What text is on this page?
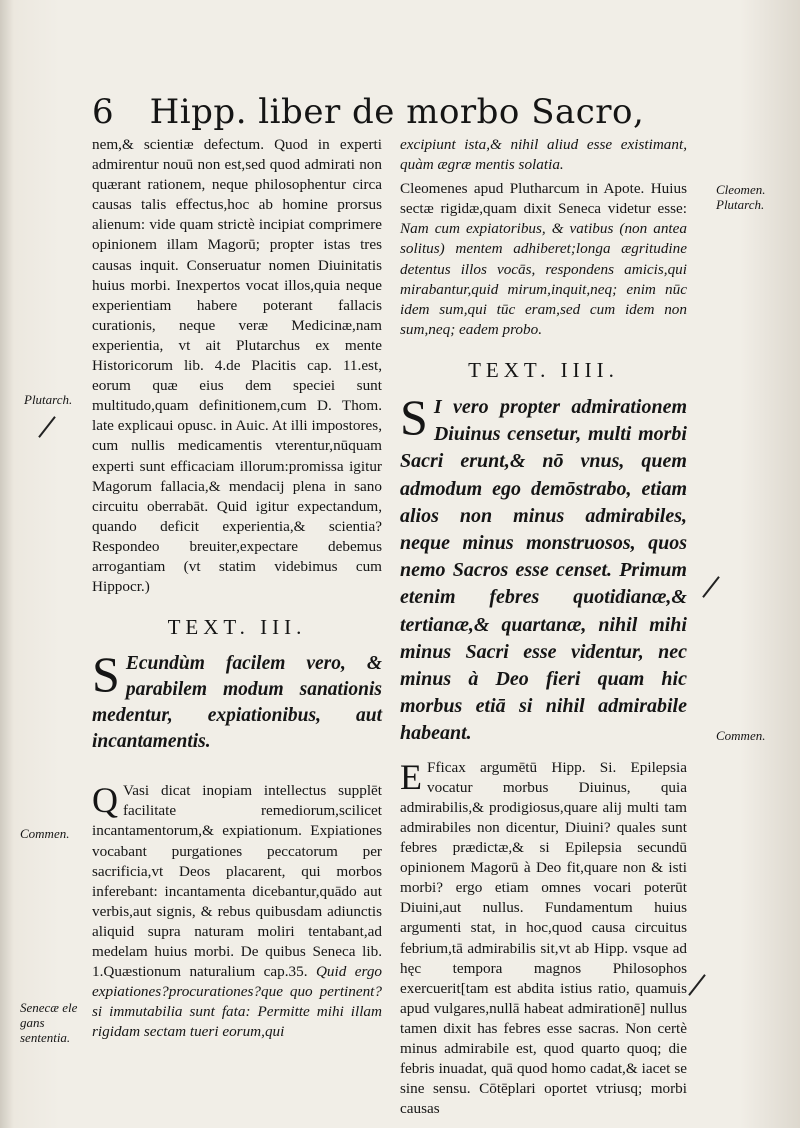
6 Hipp. liber de morbo Sacro,

nem,& scientiæ defectum. Quod in experti admirentur nouū non est,sed quod admirati non quærant rationem, neque philosophentur circa causas talis effectus,hoc ab homine prorsus alienum: vide quam strictè incipiat comprimere opinionem illam Magorū; propter istas tres causas inquit. Conseruatur nomen Diuinitatis huius morbi. Inexpertos vocat illos,quia neque experientiam habere poterant fallacis curationis, neque veræ Medicinæ,nam experientia, vt ait Plutarchus ex mente Historicorum lib. 4.de Placitis cap. 11.est, eorum quæ eius dem speciei sunt multitudo,quam definitionem,cum D. Thom. late explicaui opusc. in Auic. At illi impostores, cum nullis medicamentis vterentur,nūquam experti sunt efficaciam illorum:promissa igitur Magorum fallacia,& mendacij plena in sano circuitu oberrabāt. Quid igitur expectandum, quando deficit experientia,& scientia?Respondeo breuiter,expectare debemus arrogantiam (vt statim videbimus cum Hippocr.)

TEXT. III.

S Ecundùm facilem vero, & parabilem modum sanationis medentur, expiationibus, aut incantamentis.

Q Vasi dicat inopiam intellectus supplēt facilitate remediorum,scilicet incantamentorum,& expiationum. Expiationes vocabant purgationes peccatorum per sacrificia,vt Deos placarent, qui morbos inferebant: incantamenta dicebantur,quādo aut verbis,aut signis, & rebus quibusdam adiunctis aliquid supra naturam moliri tentabant,ad medelam huius morbi. De quibus Seneca lib. 1.Quæstionum naturalium cap.35. Quid ergo expiationes?procurationes?que quo pertinent? si immutabilia sunt fata: Permitte mihi illam rigidam sectam tueri eorum,qui

excipiunt ista,& nihil aliud esse existimant, quàm ægræ mentis solatia.

Cleomenes apud Plutharcum in Apote. Huius sectæ rigidæ,quam dixit Seneca videtur esse: Nam cum expiatoribus, & vatibus (non antea solitus) mentem adhiberet;longa ægritudine detentus illos vocās, respondens amicis,qui mirabantur,quid mirum,inquit,neq; enim nūc idem sum,qui tūc eram,sed cum idem non sum,neq; eadem probo.

TEXT. IIII.

S I vero propter admirationem Diuinus censetur, multi morbi Sacri erunt,& nō vnus, quem admodum ego demōstrabo, etiam alios non minus admirabiles, neque minus monstruosos, quos nemo Sacros esse censet. Primum etenim febres quotidianæ,& tertianæ,& quartanæ, nihil mihi minus Sacri esse videntur, nec minus à Deo fieri quam hic morbus etiā si nihil admirabile habeant.

E Fficax argumētū Hipp. Si. Epilepsia vocatur morbus Diuinus, quia admirabilis,& prodigiosus,quare alij multi tam admirabiles non dicentur, Diuini? quales sunt febres prædictæ,& si Epilepsia secundū opinionem Magorū à Deo fit,quare non & isti morbi? ergo etiam omnes vocari poterūt Diuini,aut nullus. Fundamentum huius argumenti stat, in hoc,quod causa circuitus febrium,tā admirabilis sit,vt ab Hipp. vsque ad hęc tempora magnos Philosophos exercuerit[tam est abdita istius ratio, quamuis apud vulgares,nullā habeat admirationē] nullus tamen dixit has febres esse sacras. Non certè minus admirabile est, quod quarto quoq; die febris inuadat, quā quod homo cadat,& iacet se sine sensu. Cōtēplari oportet vtriusq; morbi causas

Plutarch.
Commen.
Senecæ ele gans sententia.
Cleomen. Plutarch.
Commen.
